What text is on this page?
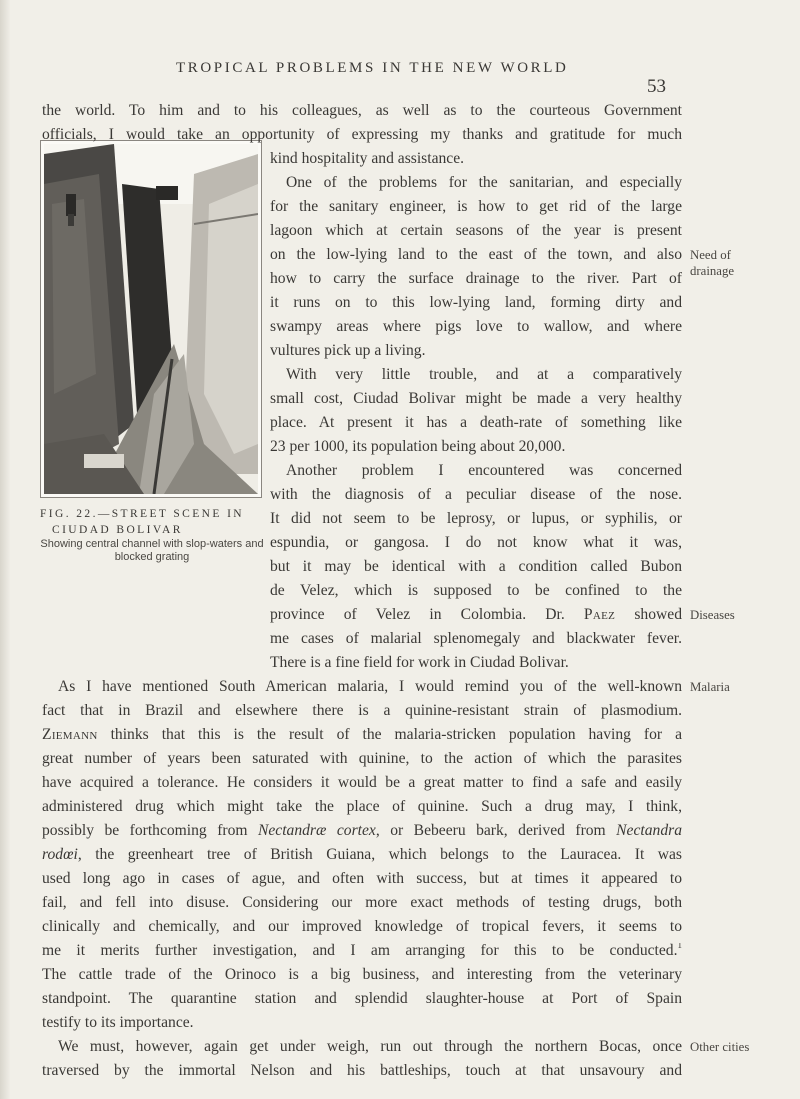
TROPICAL PROBLEMS IN THE NEW WORLD
53
FIG. 22.—STREET SCENE IN
CIUDAD BOLIVAR
Showing central channel with slop-waters and blocked grating
the world. To him and to his colleagues, as well as to the courteous Government
officials, I would take an opportunity of expressing my thanks and gratitude for much
kind hospitality and assistance.
One of the problems for the sanitarian, and especially
for the sanitary engineer, is how to get rid of the large
lagoon which at certain seasons of the year is present
on the low-lying land to the east of the town, and also
how to carry the surface drainage to the river. Part of
it runs on to this low-lying land, forming dirty and
swampy areas where pigs love to wallow, and where
vultures pick up a living.
With very little trouble, and at a comparatively
small cost, Ciudad Bolivar might be made a very healthy
place. At present it has a death-rate of something like
23 per 1000, its population being about 20,000.
Another problem I encountered was concerned
with the diagnosis of a peculiar disease of the nose.
It did not seem to be leprosy, or lupus, or syphilis, or
espundia, or gangosa. I do not know what it was,
but it may be identical with a condition called Bubon
de Velez, which is supposed to be confined to the
province of Velez in Colombia. Dr. Paez showed
me cases of malarial splenomegaly and blackwater fever.
There is a fine field for work in Ciudad Bolivar.
As I have mentioned South American malaria, I would remind you of the well-known
fact that in Brazil and elsewhere there is a quinine-resistant strain of plasmodium.
Ziemann thinks that this is the result of the malaria-stricken population having for a
great number of years been saturated with quinine, to the action of which the parasites
have acquired a tolerance. He considers it would be a great matter to find a safe and easily
administered drug which might take the place of quinine. Such a drug may, I think,
possibly be forthcoming from Nectandræ cortex, or Bebeeru bark, derived from Nectandra
rodœi, the greenheart tree of British Guiana, which belongs to the Lauracea. It was
used long ago in cases of ague, and often with success, but at times it appeared to
fail, and fell into disuse. Considering our more exact methods of testing drugs, both
clinically and chemically, and our improved knowledge of tropical fevers, it seems to
me it merits further investigation, and I am arranging for this to be conducted.$^1$
The cattle trade of the Orinoco is a big business, and interesting from the veterinary
standpoint. The quarantine station and splendid slaughter-house at Port of Spain
testify to its importance.
We must, however, again get under weigh, run out through the northern Bocas, once
traversed by the immortal Nelson and his battleships, touch at that unsavoury and
Need of
drainage
Diseases
Malaria
Other cities
